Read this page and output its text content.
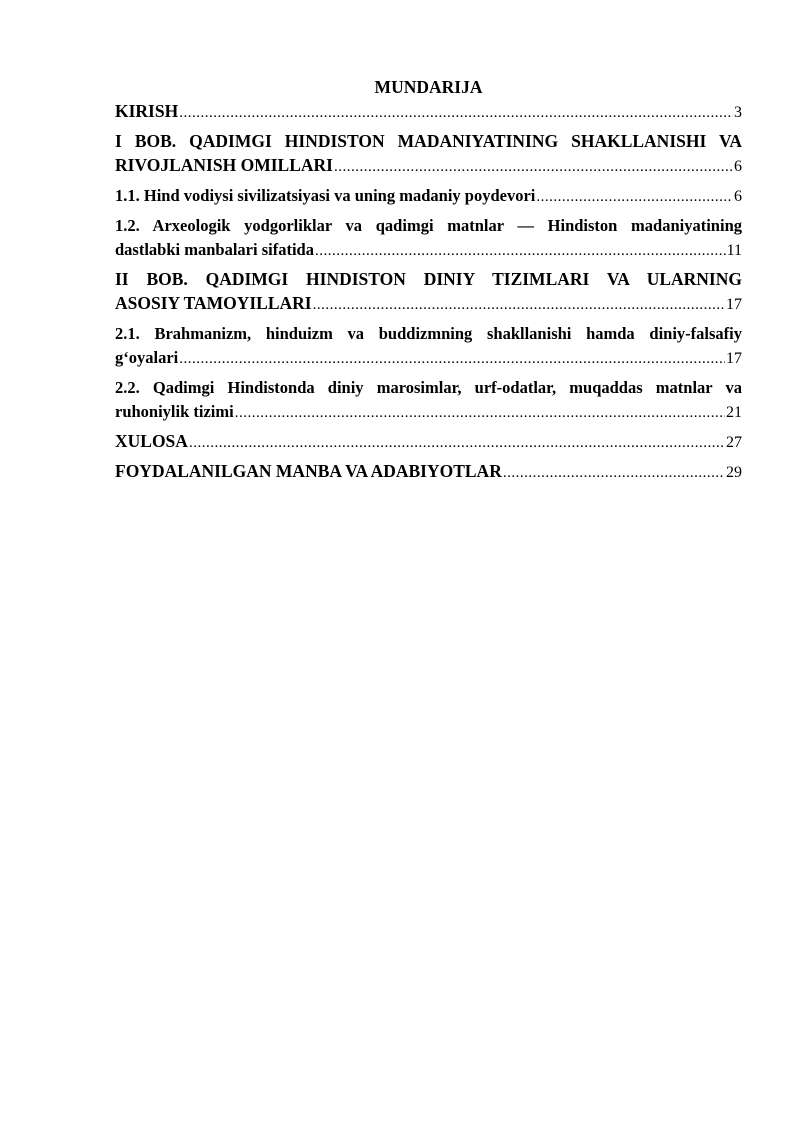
MUNDARIJA
KIRISH .....	3
I BOB. QADIMGI HINDISTON MADANIYATINING SHAKLLANISHI VA
RIVOJLANISH OMILLARI .....	6
1.1. Hind vodiysi sivilizatsiyasi va uning madaniy poydevori .....	6
1.2. Arxeologik yodgorliklar va qadimgi matnlar — Hindiston madaniyatining
dastlabki manbalari sifatida .....	11
II BOB. QADIMGI HINDISTON DINIY TIZIMLARI VA ULARNING
ASOSIY TAMOYILLARI .....	17
2.1. Brahmanizm, hinduizm va buddizmning shakllanishi hamda diniy-falsafiy
g‘oyalari .....	17
2.2. Qadimgi Hindistonda diniy marosimlar, urf-odatlar, muqaddas matnlar va
ruhoniylik tizimi .....	21
XULOSA .....	27
FOYDALANILGAN MANBA VA ADABIYOTLAR .....	29
